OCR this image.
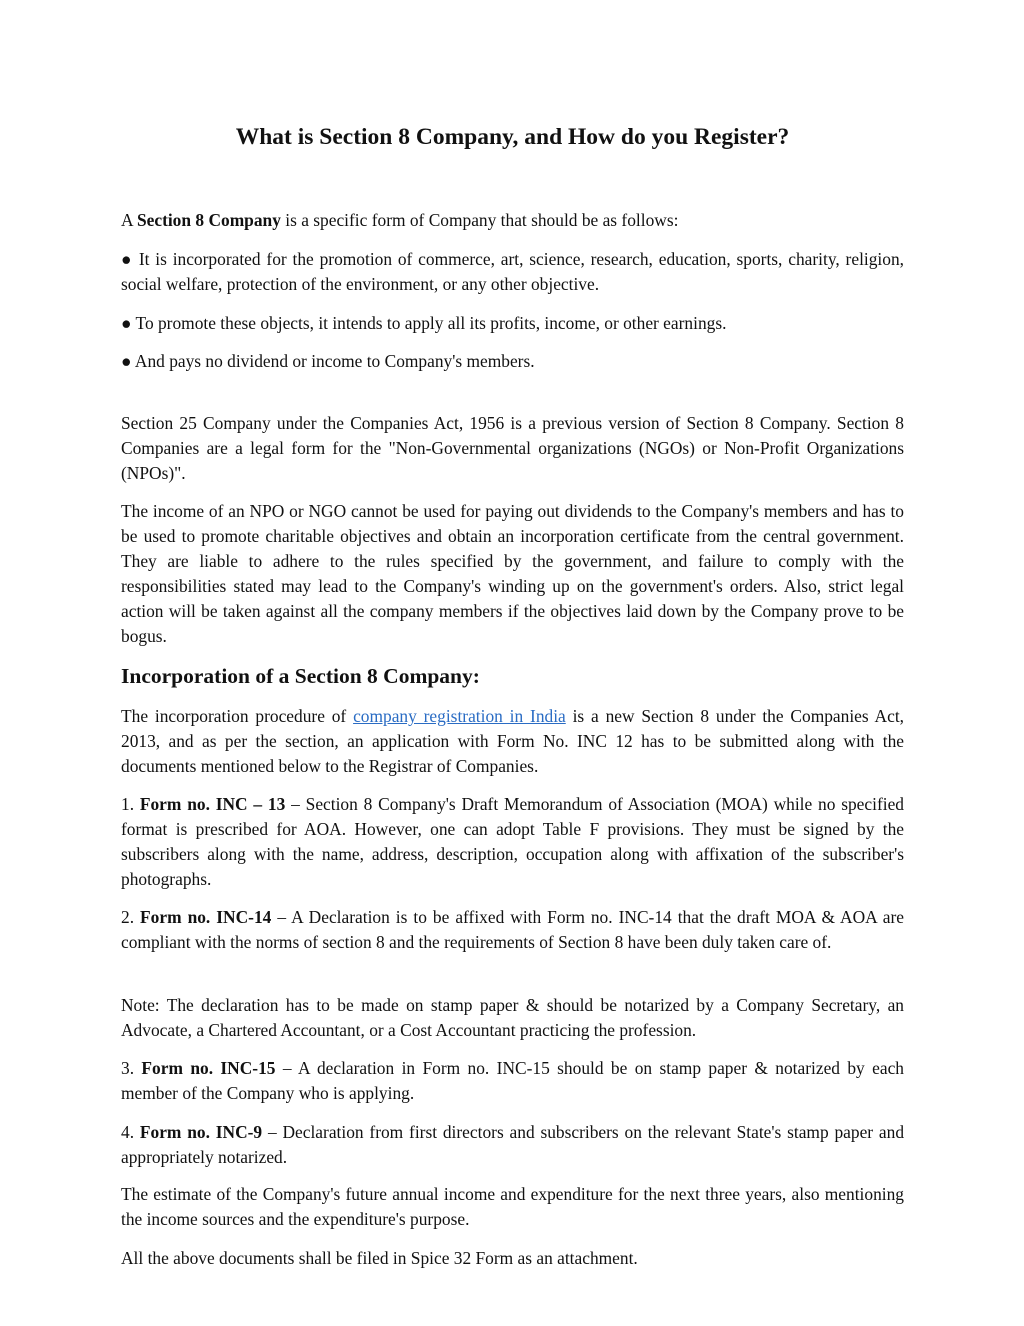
What is Section 8 Company, and How do you Register?

A Section 8 Company is a specific form of Company that should be as follows:

● It is incorporated for the promotion of commerce, art, science, research, education, sports, charity, religion, social welfare, protection of the environment, or any other objective.

● To promote these objects, it intends to apply all its profits, income, or other earnings.

● And pays no dividend or income to Company's members.

Section 25 Company under the Companies Act, 1956 is a previous version of Section 8 Company. Section 8 Companies are a legal form for the "Non-Governmental organizations (NGOs) or Non-Profit Organizations (NPOs)".

The income of an NPO or NGO cannot be used for paying out dividends to the Company's members and has to be used to promote charitable objectives and obtain an incorporation certificate from the central government. They are liable to adhere to the rules specified by the government, and failure to comply with the responsibilities stated may lead to the Company's winding up on the government's orders. Also, strict legal action will be taken against all the company members if the objectives laid down by the Company prove to be bogus.

Incorporation of a Section 8 Company:

The incorporation procedure of company registration in India is a new Section 8 under the Companies Act, 2013, and as per the section, an application with Form No. INC 12 has to be submitted along with the documents mentioned below to the Registrar of Companies.

1. Form no. INC – 13 – Section 8 Company's Draft Memorandum of Association (MOA) while no specified format is prescribed for AOA. However, one can adopt Table F provisions. They must be signed by the subscribers along with the name, address, description, occupation along with affixation of the subscriber's photographs.

2. Form no. INC-14 – A Declaration is to be affixed with Form no. INC-14 that the draft MOA & AOA are compliant with the norms of section 8 and the requirements of Section 8 have been duly taken care of.

Note: The declaration has to be made on stamp paper & should be notarized by a Company Secretary, an Advocate, a Chartered Accountant, or a Cost Accountant practicing the profession.

3. Form no. INC-15 – A declaration in Form no. INC-15 should be on stamp paper & notarized by each member of the Company who is applying.

4. Form no. INC-9 – Declaration from first directors and subscribers on the relevant State's stamp paper and appropriately notarized.

The estimate of the Company's future annual income and expenditure for the next three years, also mentioning the income sources and the expenditure's purpose.

All the above documents shall be filed in Spice 32 Form as an attachment.
